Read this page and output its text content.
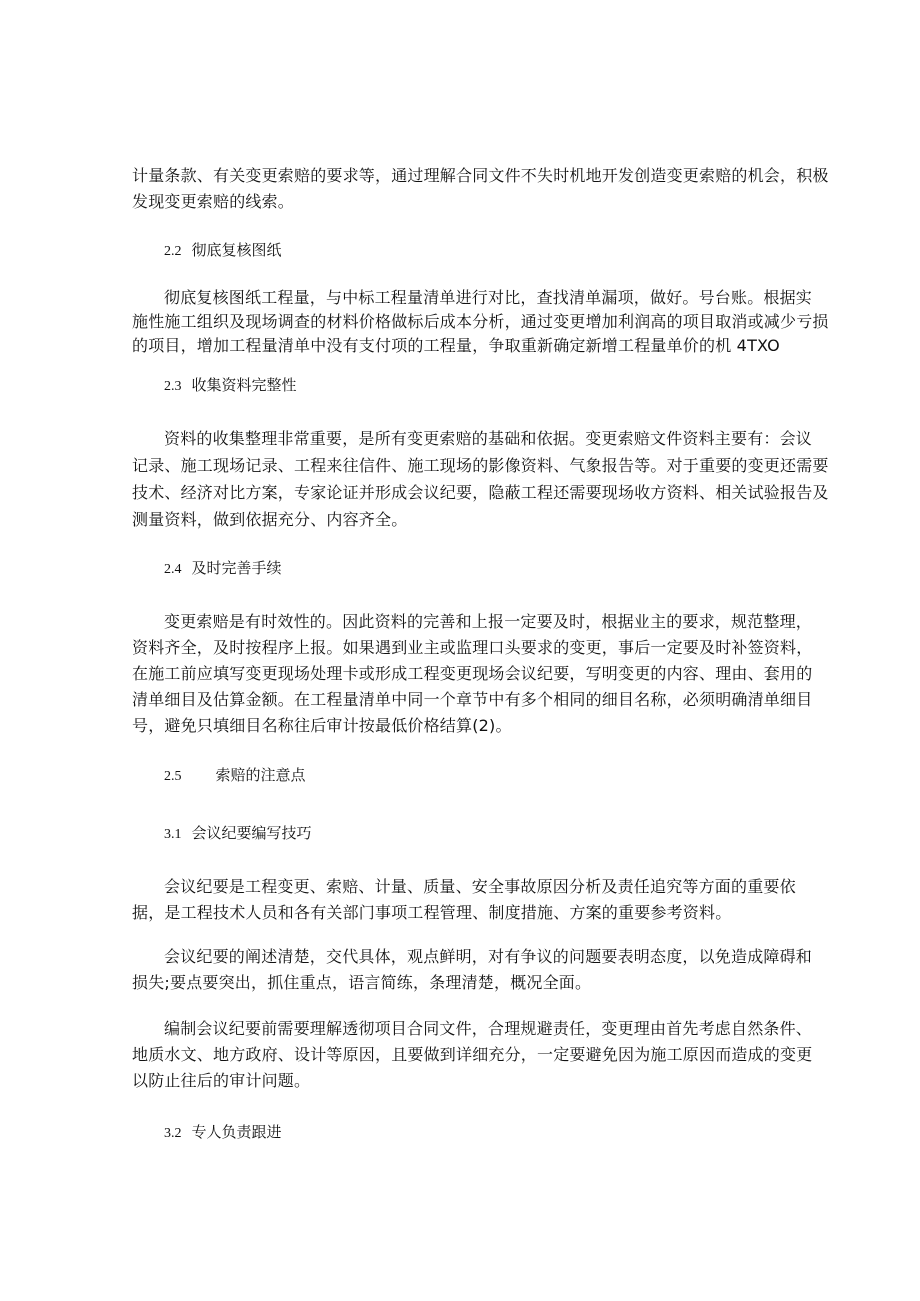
计量条款、有关变更索赔的要求等，通过理解合同文件不失时机地开发创造变更索赔的机会，积极
发现变更索赔的线索。
2.2 彻底复核图纸
彻底复核图纸工程量，与中标工程量清单进行对比，查找清单漏项，做好。号台账。根据实
施性施工组织及现场调查的材料价格做标后成本分析，通过变更增加利润高的项目取消或减少亏损
的项目，增加工程量清单中没有支付项的工程量，争取重新确定新增工程量单价的机 4TXO
2.3 收集资料完整性
资料的收集整理非常重要，是所有变更索赔的基础和依据。变更索赔文件资料主要有：会议
记录、施工现场记录、工程来往信件、施工现场的影像资料、气象报告等。对于重要的变更还需要
技术、经济对比方案，专家论证并形成会议纪要，隐蔽工程还需要现场收方资料、相关试验报告及
测量资料，做到依据充分、内容齐全。
2.4 及时完善手续
变更索赔是有时效性的。因此资料的完善和上报一定要及时，根据业主的要求，规范整理，
资料齐全，及时按程序上报。如果遇到业主或监理口头要求的变更，事后一定要及时补签资料，
在施工前应填写变更现场处理卡或形成工程变更现场会议纪要，写明变更的内容、理由、套用的
清单细目及估算金额。在工程量清单中同一个章节中有多个相同的细目名称，必须明确清单细目
号，避免只填细目名称往后审计按最低价格结算(2)。
2.5 索赔的注意点
3.1 会议纪要编写技巧
会议纪要是工程变更、索赔、计量、质量、安全事故原因分析及责任追究等方面的重要依
据，是工程技术人员和各有关部门事项工程管理、制度措施、方案的重要参考资料。
会议纪要的阐述清楚，交代具体，观点鲜明，对有争议的问题要表明态度，以免造成障碍和
损失;要点要突出，抓住重点，语言简练，条理清楚，概况全面。
编制会议纪要前需要理解透彻项目合同文件，合理规避责任，变更理由首先考虑自然条件、
地质水文、地方政府、设计等原因，且要做到详细充分，一定要避免因为施工原因而造成的变更
以防止往后的审计问题。
3.2 专人负责跟进
